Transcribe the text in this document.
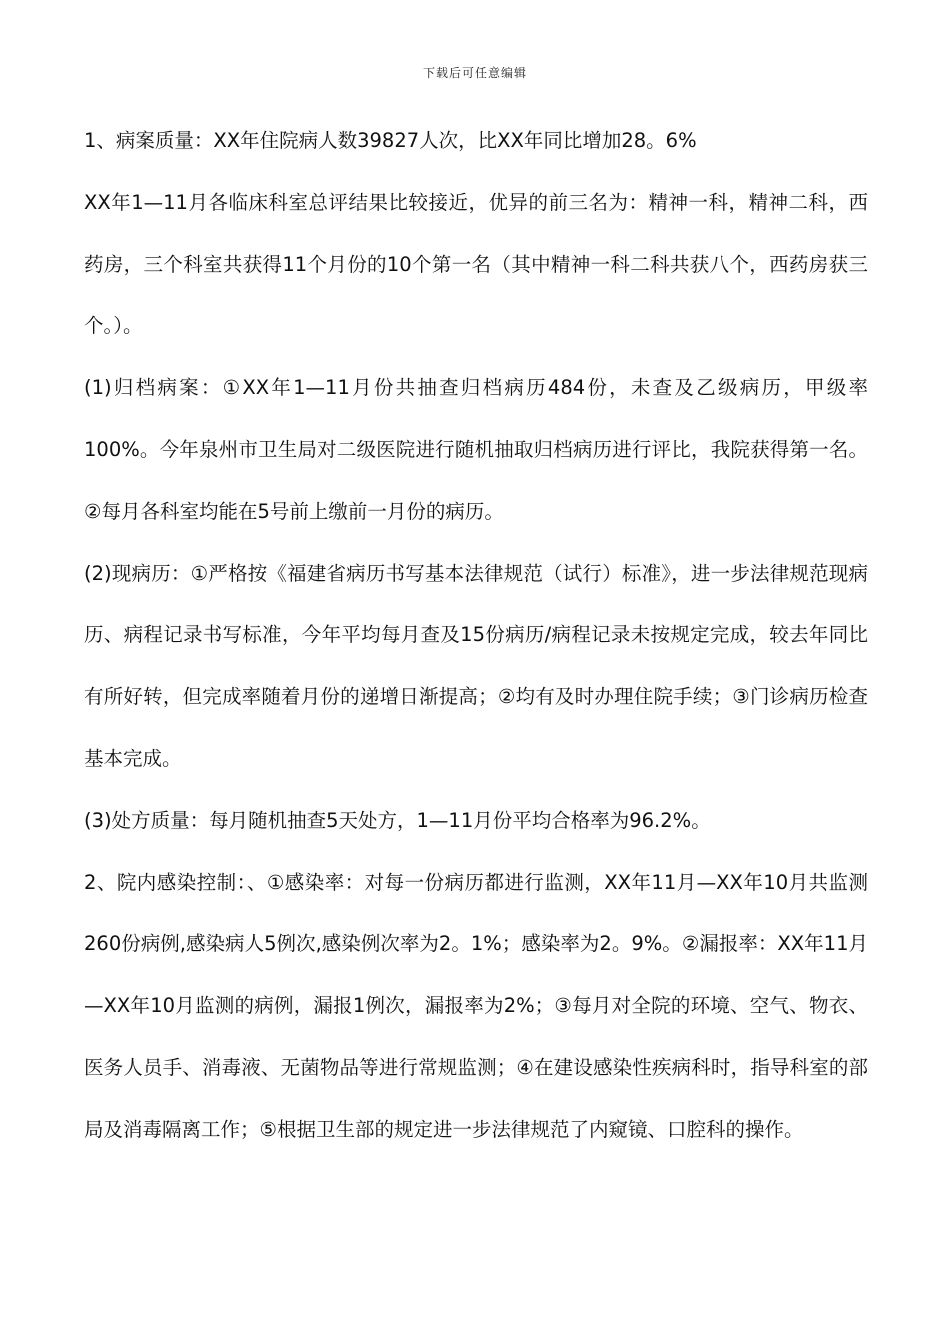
下载后可任意编辑

1、病案质量：XX年住院病人数39827人次，比XX年同比增加28。6%

XX年1—11月各临床科室总评结果比较接近，优异的前三名为：精神一科，精神二科，西药房，三个科室共获得11个月份的10个第一名（其中精神一科二科共获八个，西药房获三个。）。

(1)归档病案：①XX年1—11月份共抽查归档病历484份，未查及乙级病历，甲级率100%。今年泉州市卫生局对二级医院进行随机抽取归档病历进行评比，我院获得第一名。②每月各科室均能在5号前上缴前一月份的病历。

(2)现病历：①严格按《福建省病历书写基本法律规范（试行）标准》，进一步法律规范现病历、病程记录书写标准，今年平均每月查及15份病历/病程记录未按规定完成，较去年同比有所好转，但完成率随着月份的递增日渐提高；②均有及时办理住院手续；③门诊病历检查基本完成。

(3)处方质量：每月随机抽查5天处方，1—11月份平均合格率为96.2%。

2、院内感染控制：、①感染率：对每一份病历都进行监测，XX年11月—XX年10月共监测260份病例,感染病人5例次,感染例次率为2。1%；感染率为2。9%。②漏报率：XX年11月—XX年10月监测的病例，漏报1例次，漏报率为2%；③每月对全院的环境、空气、物衣、医务人员手、消毒液、无菌物品等进行常规监测；④在建设感染性疾病科时，指导科室的部局及消毒隔离工作；⑤根据卫生部的规定进一步法律规范了内窥镜、口腔科的操作。
